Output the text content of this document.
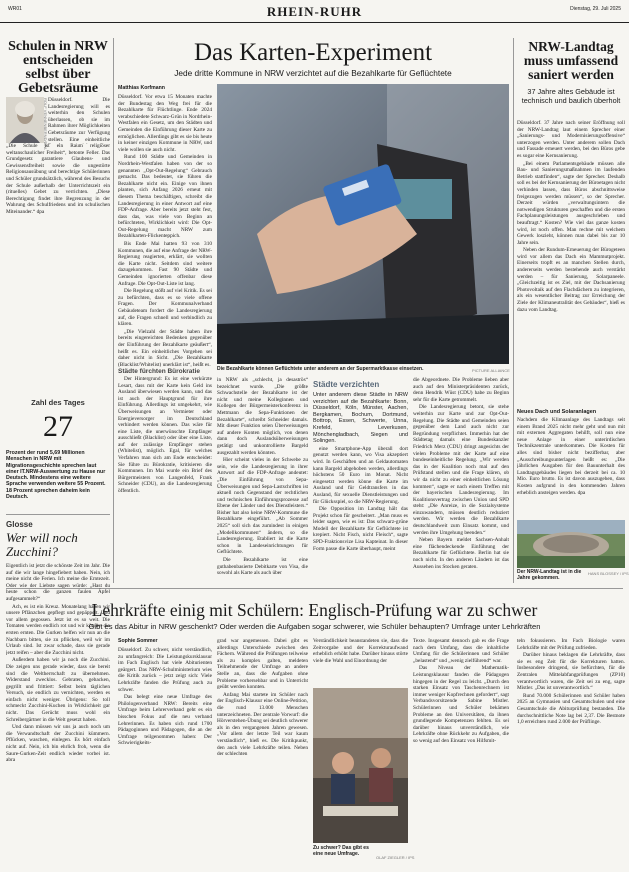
WR01	RHEIN-RUHR	Dienstag, 29. Juli 2025
Schulen in NRW entscheiden selbst über Gebetsräume
ROLF VENNENBERND/DPA Düsseldorf. Die Landesregierung will es weiterhin den Schulen überlassen, ob sie im Rahmen ihrer Möglichkeiten Gebetsräume zur Verfügung stellen. Eine einheitliche

„Die Schule ist ein Raum religiöser weltanschaulicher Freiheit“, betonte Feller. Das Grundgesetz garantiere Glaubens- und Gewissensfreiheit sowie die ungestörte Religionsausübung und berechtige Schülerinnen und Schüler grundsätzlich, während des Besuchs der Schule außerhalb der Unterrichtszeit ein (rituelles) Gebet zu verrichten. „Diese Berechtigung findet ihre Begrenzung in der Wahrung des Schulfriedens und im schulischen Miteinander.“ dpa

Zahl des Tages
27
Prozent der rund 5,69 Millionen Menschen in NRW mit Migrationsgeschichte sprechen laut einer IT.NRW-Auswertung zu Hause nur Deutsch. Mindestens eine weitere Sprache verwenden weitere 55 Prozent. 18 Prozent sprechen daheim kein Deutsch.
Glosse
Wer will noch Zucchini?

Eigentlich ist jetzt die schönste Zeit im Jahr. Die auf die wir lange hingefiebert haben. Nein, ich meine nicht die Ferien. Ich meine die Erntezeit. Oder wie der Liebste sagen würde: „Hast du heute schon die ganzen faulen Äpfel aufgesammelt?“

Ach, es ist ein Kreuz. Monatelang haben wir unsere Pflänzchen gepflegt und gepäppelt. Und vor allem gegossen. Jetzt ist es so weit. Die Tomaten werden endlich rot und wir können die ersten ernten. Die Gurken helfen wir nun an die Nachbarn bitten, sie zu pflücken, weil wir im Urlaub sind. Ist zwar schade, dass sie gerade jetzt reifen – aber die Zucchini nicht.

Außerdem haben wir ja noch die Zucchini. Die zeigen uns gerade wieder, dass sie bereit sind die Weltherrschaft zu übernehmen. Widerstand zwecklos. Gebraten, gebacken, gegrillt und frittiert: Selbst beim täglichen Versuch, sie endlich zu vernichten, werden es einfach nicht weniger. Übrigens: So toll schmeckt Zucchini-Kuchen in Wirklichkeit gar nicht. Das Gerücht muss wohl ein Schreibergärtner in die Welt gesetzt haben.

Und dann müssen wir uns ja auch noch um die Verwandtschaft der Zucchini kümmern. Pflücken, waschen, einlegen. Es hört einfach nicht auf. Nein, ich bin ehrlich froh, wenn die Saure-Gurken-Zeit endlich wieder vorbei ist. abra

Das Karten-Experiment
Jede dritte Kommune in NRW verzichtet auf die Bezahlkarte für Geflüchtete
Matthias Korfmann

Düsseldorf. Vor etwa 15 Monaten machte der Bundestag den Weg frei für die Bezahlkarte für Flüchtlinge. Ende 2024 verabschiedete Schwarz-Grün in Nordrhein-Westfalen ein Gesetz, um den Städten und Gemeinden die Einführung dieser Karte zu ermöglichen. Allerdings gibt es sie bis heute in keiner einzigen Kommune in NRW, und viele wollen sie auch nicht.

Rund 100 Städte und Gemeinden in Nordrhein-Westfalen haben von der so genannten „Opt-Out-Regelung“ Gebrauch gemacht. Das bedeutet, sie führen die Bezahlkarte nicht ein. Einige von ihnen planten, sich Anfang 2026 erneut mit diesem Thema beschäftigen, schreibt die Landesregierung in einer Antwort auf eine FDP-Anfrage. Aber bereits jetzt steht fest, dass das, was viele von Beginn an befürchteten, Wirklichkeit wird: Die Opt-Out-Regelung macht NRW zum Bezahlkarten-Flickenteppich.

Bis Ende Mai hatten 93 von 310 Kommunen, die auf eine Anfrage der NRW-Regierung reagierten, erklärt, sie wollten die Karte nicht. Seitdem sind weitere dazugekommen. Fast 90 Städte und Gemeinden ignorierten offenbar diese Anfrage. Die Opt-Out-Liste ist lang.

Die Regelung stößt auf viel Kritik. Es sei zu befürchten, dass es so viele offene Fragen. Der Kommunalverband Gebäudeteam fordert die Landesregierung auf, die Fragen schnell und verbindlich zu klären.

„Die Vielzahl der Städte haben ihre bereits eingereichten Bedenken gegenüber der Einführung der Bezahlkarte geäußert“, heißt es. Ein einheitliches Vorgehen sei daher nicht in Sicht. „Die Bezahlkarte (Blacklist/Whitelist) unerklärt ist“, heißt es.

Städte fürchten Bürokratie

Der Hintergrund: Es ist eine verkürzte Lesart, dass mit der Karte kein Geld ins Ausland überwiesen werden kann, und das ist auch der Hauptgrund für ihre Einführung. Allerdings ist umgekehrt, wie Überweisungen an Vermieter oder Energieversorger im Deutschland verhindert werden können. Das wäre für eine Liste, die unerwünschte Empfänger ausschließt (Blacklist) oder über eine Liste, auf der zulässige Empfänger stehen (Whitelist), möglich. Egal, für welches Verfahren man sich am Ende entscheidet: Sie führe zu Bürokratie, kritisieren die Kommunen. Im Mai wurde ein Brief des Bürgermeisters von Langenfeld, Frank Schneider (CDU), an die Landesregierung öffentlich.

Die Bezahlkarte können Geflüchtete unter anderem an der Supermarktkasse einsetzen.	PICTURE ALLIANCE

in NRW als „schlecht, ja desaströs“ bezeichnet wurde. „Die größte Schwachstelle der Bezahlkarte ist der nicht und meine Kolleginnen und Kollegen der Bürgermeisterkonferenz in Mettmann die Sepa-Funktionen der Bezahlkarte“, schreibt Schneider damals. Mit dieser Funktion seien Überweisungen auf andere Konten möglich, von denen dann doch Auslandsüberweisungen getätigt und unkontrollierte Bargeld ausgezahlt werden könnten.

Hier scheint vieles in der Schwebe zu sein, wie die Landesregierung in ihrer Antwort auf die FDP-Anfrage andeutet: „Die Einführung von Sepa-Überweisungen und Sepa-Lastschriften ist aktuell noch Gegenstand der rechtlichen und technischen Einführungsprozesse auf Ebene der Länder und des Dienstleisters.“ Bisher hat also keine NRW-Kommune die Bezahlkarte eingeführt. „Ab Sommer 2025“ soll sich das zumindest in einigen „Modellkommunen“ ändern, so die Landesregierung. Etabliert ist die Karte schon in Landeseinrichtungen für Geflüchtete.

Die Bezahlkarte ist eine guthabenbasierte Debitkarte von Visa, die sowohl als Karte als auch über

Städte verzichten

Unter anderem diese Städte in NRW verzichten auf die Bezahlkarte: Bonn, Düsseldorf, Köln, Münster, Aachen, Bergkamen, Bochum, Dortmund, Bottrop, Essen, Schwerte, Unna, Krefeld, Leverkusen, Mönchengladbach, Siegen und Solingen.

eine Smartphone-App überall dort genutzt werden kann, wo Visa akzeptiert wird. In Geschäften und an Geldautomaten kann Bargeld abgehoben werden, allerdings höchstens 50 Euro im Monat. Nicht eingesetzt werden könne die Karte im Ausland und für Geldtransfers in das Ausland, für sexuelle Dienstleistungen und für Glücksspiel, so die NRW-Regierung.

Die Opposition im Landtag hält das Projekt schon für gescheitert. „Man muss es leider sagen, wie es ist: Das schwarz-grüne Modell der Bezahlkarte für Geflüchtete ist krepiert. Nicht Fisch, nicht Fleisch“, sagte SPD-Fraktionsvize Lisa Kapteinat. In dieser Form passe die Karte überhaupt, meint

die Abgeordnete. Die Probleme lieben aber auch auf den Ministerpräsidenten zurück, denn Hendrik Wüst (CDU) habe zu Beginn sehr für die Karte getrommelt.

Die Landesregierung betont, sie stehe weiterhin zur Karte und zur Opt-Out-Regelung. Die Städte und Gemeinden seien gegenüber dem Land auch nicht zur Begründung verpflichtet. Immerhin hat der Städtetag damals eine Bundeskanzler Friedrich Merz (CDU) dringt angesichts der vielen Probleme mit der Karte auf eine bundeseinheitliche Regelung. „Wir werden das in der Koalition noch mal auf den Prüfstand stellen und die Frage klären, ob wir da nicht zu einer einheitlichen Lösung kommen“, sagte er nach einem Treffen mit der bayerischen Landesregierung. Im Koalitionsvertrag zwischen Union und SPD steht: „Die Anreize, in die Sozialsysteme einzuwandern, müssen deutlich reduziert werden. Wir werden die Bezahlkarte deutschlandweit zum Einsatz kommt, und werden ihre Umgehung beenden.“

Neben Bayern meldet Sachsen-Anhalt eine flächendeckende Einführung der Bezahlkarte für Geflüchtete. Berlin hat sie noch nicht. In den anderen Ländern ist das Aussehen ins Stocken geraten.

NRW-Landtag muss umfassend saniert werden
37 Jahre altes Gebäude ist technisch und baulich überholt

Düsseldorf. 37 Jahre nach seiner Eröffnung soll der NRW-Landtag laut einem Sprecher einer „Sanierungs- und Modernisierungsoffensive“ unterzogen werden. Unter anderem sollen Dach und Fassade erneuert werden, bei den Büros gebe es sogar eine Kernsanierung.

„Bei einem Parlamentsgebäude müssen alle Bau- und Sanierungsmaßnahmen im laufenden Betrieb stattfinden“, sagte der Sprecher. Deshalb soll es bei der Kernsanierung der Büroetagen nicht verhinden lassen, dass Büros abschnittsweise freigezogen werden müssen“, so der Sprecher. Derzeit würden „verwaltungsintern die notwendigen Strukturen geschaffen und die ersten Fachplanungsleistungen ausgeschrieben und beauftragt.“ Kosten? Wie viel das ganze kosten wird, ist noch offen. Man rechne mit welchem Gewerk loszieht, können man dabei bis zur 10 Jahre sein.

Neben der Rundum-Erneuerung der Bürogeteen wird vor allem das Dach ein Mammutprojekt. Einerseits tropft es an manchen Stellen durch, andererseits werden bestehende auch verstärkt werden – für Sanierung, Solarpaneele. „Gleichzeitig ist es Ziel, mit der Dachsanierung Photovoltaik auf den Flachdächern zu integrieren, als ein wesentlicher Beitrag zur Erreichung der Ziele der Klimaneutralität des Gebäudes“, hieß es dazu vom Landtag.

Neues Dach und Solaranlagen

Nachdem die Klimaanlage des Landtags seit einem Brand 2025 nicht mehr geht und nun mit mit externen Aggregaten behilft, soll nun eine neue Anlage in einer unterirdischen Technikzentrale unterkommen. Die Kosten für alles sind bisher nicht bezifferbar, aber „Ausschreibungsunterlagen heißt es: „Die jährlichen Ausgaben für den Bauunterhalt des Landtagsgebäudes liegen bei derzeit bei ca. 10 Mio. Euro brutto. Es ist davon auszugehen, dass Kosten aufgrund in den kommenden Jahren erheblich ansteigen werden. dpa

Der NRW-Landtag ist in die Jahre gekommen.
HANS BLOSSEY / IPS
Lehrkräfte einig mit Schülern: Englisch-Prüfung war zu schwer
Gibt es das Abitur in NRW geschenkt? Oder werden die Aufgaben sogar schwerer, wie Schüler behaupten? Umfrage unter Lehrkräften
Sophie Sommer

Düsseldorf. Zu schwer, nicht verständlich, zu umfangreich: Die Leistungskursklausur im Fach Englisch hat viele Abiturienten geärgert. Das NRW-Schulministerium wies die Kritik zurück – jetzt zeigt sich: Viele Lehrkräfte fanden die Prüfung auch zu schwer.

Das belegt eine neue Umfrage des Philologenverband NRW: Bereits eine Umfrage beim Lehrerverband geht es ein bisschen Fokus auf die neu verband Lehrerinnen. Es haben sich rund 1700 Pädagoginnen und Pädagogen, die an der Umfrage teilgenommen haben: Der Schwierigkeits-

grad war angemessen. Dabei gibt es allerdings Unterschiede zwischen den Fächern. Während die Prüfungen teilweise als zu komplex galten, meldeten Teilnehmende der Umfrage an andere Stelle an, dass die Aufgaben ohne Probleme vorhersehbar und in Unterricht geübt werden konnten.

Anfang Mai startete im Schüler nach der Englisch-Klausur eine Online-Petition, die rund 13.000 Menschen unterzeichneten. Der zentrale Vorwurf: die Hörverstehen-Übung sei deutlich schwerer als in den vergangenen Jahren gewesen. „Vor allem der letzte Teil war kaum verständlich“, hieß es. Die Kritikpunkt, den auch viele Lehrkräfte teilen. Neben der schlechten

Verständlichkeit beanstandeten sie, dass die Zeitvorgabe und der Korrekturaufwand erheblich erhöht habe. Darüber hinaus störte viele die Wahl und Einordnung der

Zu schwer? Das gibt es eine neue Umfrage.
OLAF ZIEGLER / IPS

Texte. Insgesamt dennoch gab es die Frage nach dem Umfang, dass die inhaltliche Umfang für die Schülerinnen und Schüler „belastend“ und „wenig zielführend“ war.

Das Niveau der Mathematik-Leistungsklausur fanden die Pädagogen hingegen in der Regel zu leicht. „Durch den starken Einsatz von Taschenrechnern ist immer weniger Kopfrechnen gefordert“, sagt Verbandsvorsitzende Sabine Mistler. Schülerinnen und Schüler bekämen Probleme an den Universitäten, da ihnen grundlegende Kompetenzen fehlten. Es sei darüber hinaus unverständlich, wie Lehrkräfte ohne Rückkehr zu Aufgaben, die so wenig auf den Einsatz von Hilfsmit-

teln fokussieren. Im Fach Biologie waren Lehrkräfte mit der Prüfung zufrieden.

Darüber hinaus beklagen die Lehrkräfte, dass sie es eng Zeit für die Korrekturen hatten. Insbesondere dringend, sie befürchten, für die Zentralen Mittelabfangprüfungen (ZP10) verantwortlich waren, die Zeit sei zu eng, sagte Mistler. „Das ist unverantwortlich.“

Rund 70.000 Schülerinnen und Schüler haben 2025 an Gymnasien und Gesamtschulen und eine Gesamtschule die Abiturprüfung bestanden. Die durchschnittliche Note lag bei 2,37. Die Bestnote 1,0 erreichten rund 2.000 der Prüflinge.
